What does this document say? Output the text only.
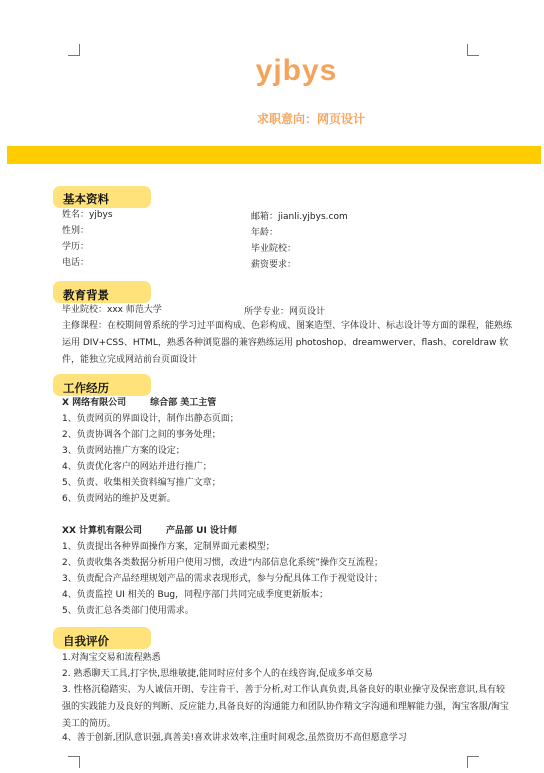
yjbys
求职意向：网页设计
基本资料
姓名：yjbys	邮箱：jianli.yjbys.com
性别：	年龄：
学历：	毕业院校：
电话：	薪资要求：
教育背景
毕业院校：xxx 师范大学	所学专业：网页设计
主修课程：在校期间曾系统的学习过平面构成、色彩构成、图案造型、字体设计、标志设计等方面的课程，能熟练运用 DIV+CSS、HTML，熟悉各种浏览器的兼容熟练运用 photoshop、dreamwerver、flash、coreldraw 软件，能独立完成网站前台页面设计
工作经历
X 网络有限公司	综合部 美工主管
1、负责网页的界面设计，制作出静态页面；
2、负责协调各个部门之间的事务处理；
3、负责网站推广方案的设定；
4、负责优化客户的网站并进行推广；
5、负责、收集相关资料编写推广文章；
6、负责网站的维护及更新。
XX 计算机有限公司	产品部 UI 设计师
1、负责提出各种界面操作方案，定制界面元素模型；
2、负责收集各类数据分析用户使用习惯，改进“内部信息化系统”操作交互流程；
3、负责配合产品经理规划产品的需求表现形式，参与分配具体工作于视觉设计；
4、负责监控 UI 相关的 Bug，同程序部门共同完成季度更新版本；
5、负责汇总各类部门使用需求。
自我评价
1.对淘宝交易和流程熟悉
2. 熟悉聊天工具,打字快,思维敏捷,能同时应付多个人的在线咨询,促成多单交易
3. 性格沉稳踏实、为人诚信开朗、专注肯干、善于分析,对工作认真负责,具备良好的职业操守及保密意识,具有较强的实践能力及良好的判断、反应能力,具备良好的沟通能力和团队协作精文字沟通和理解能力强，淘宝客服/淘宝美工的简历。
4、善于创新,团队意识强,真善美!喜欢讲求效率,注重时间观念,虽然资历不高但愿意学习
